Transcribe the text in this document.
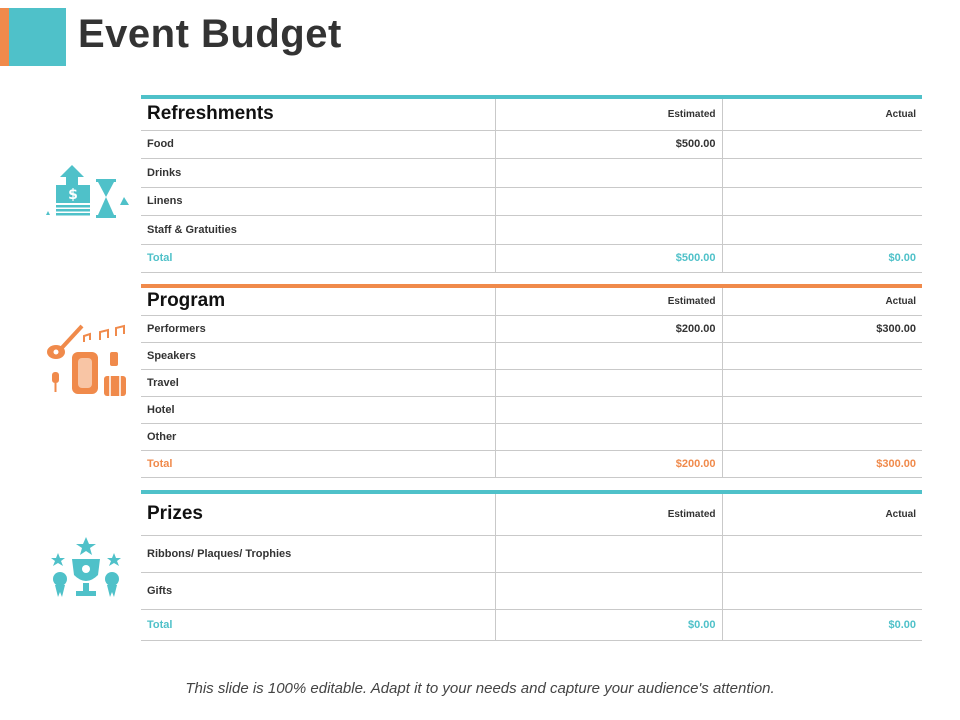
Event Budget
$
Refreshments	Estimated	Actual
Food	$500.00	
Drinks		
Linens		
Staff & Gratuities		
Total	$500.00	$0.00
Program	Estimated	Actual
Performers	$200.00	$300.00
Speakers		
Travel		
Hotel		
Other		
Total	$200.00	$300.00
Prizes	Estimated	Actual
Ribbons/ Plaques/ Trophies		
Gifts		
Total	$0.00	$0.00
This slide is 100% editable. Adapt it to your needs and capture your audience's attention.
